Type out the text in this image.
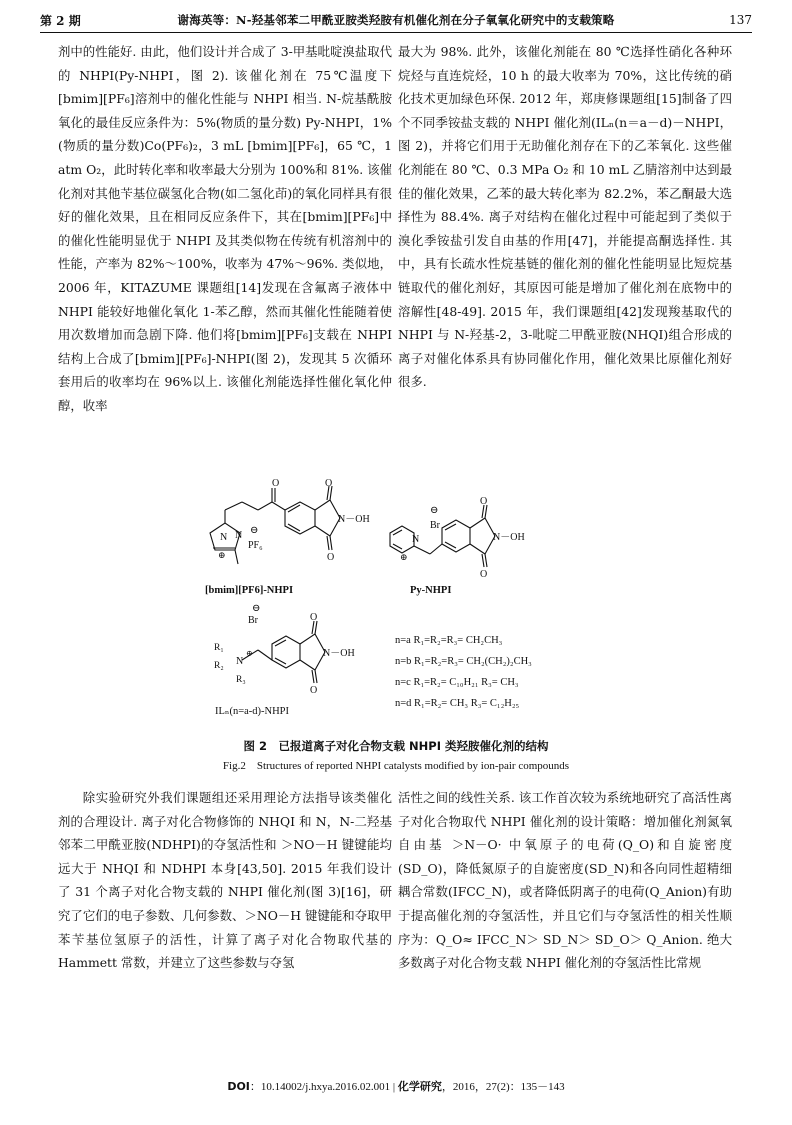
第 2 期	谢海英等：N-羟基邻苯二甲酰亚胺类羟胺有机催化剂在分子氧氧化研究中的支载策略	137

剂中的性能好. 由此，他们设计并合成了 3-甲基吡啶溴盐取代的 NHPI(Py-NHPI，图 2). 该催化剂在 75℃温度下[bmim][PF₆]溶剂中的催化性能与 NHPI 相当. N-烷基酰胺氧化的最佳反应条件为：5%(物质的量分数) Py-NHPI，1%(物质的量分数)Co(PF₆)₂，3 mL [bmim][PF₆]，65 ℃，1 atm O₂，此时转化率和收率最大分别为 100%和 81%. 该催化剂对其他苄基位碳氢化合物(如二氢化茚)的氧化同样具有很好的催化效果，且在相同反应条件下，其在[bmim][PF₆]中的催化性能明显优于 NHPI 及其类似物在传统有机溶剂中的性能，产率为 82%～100%，收率为 47%～96%. 类似地，2006 年，KITAZUME 课题组[14]发现在含氟离子液体中 NHPI 能较好地催化氧化 1-苯乙醇，然而其催化性能随着使用次数增加而急剧下降. 他们将[bmim][PF₆]支载在 NHPI 结构上合成了[bmim][PF₆]-NHPI(图 2)，发现其 5 次循环套用后的收率均在 96%以上. 该催化剂能选择性催化氧化仲醇，收率

最大为 98%. 此外，该催化剂能在 80 ℃选择性硝化各种环烷烃与直连烷烃，10 h 的最大收率为 70%，这比传统的硝化技术更加绿色环保. 2012 年，郑庚修课题组[15]制备了四个不同季铵盐支载的 NHPI 催化剂(ILₙ(n＝a－d)－NHPI，图 2)，并将它们用于无助催化剂存在下的乙苯氧化. 这些催化剂能在 80 ℃、0.3 MPa O₂ 和 10 mL 乙腈溶剂中达到最佳的催化效果，乙苯的最大转化率为 82.2%，苯乙酮最大选择性为 88.4%. 离子对结构在催化过程中可能起到了类似于溴化季铵盐引发自由基的作用[47]，并能提高酮选择性. 其中，具有长疏水性烷基链的催化剂的催化性能明显比短烷基链取代的催化剂好，其原因可能是增加了催化剂在底物中的溶解性[48-49]. 2015 年，我们课题组[42]发现羧基取代的 NHPI 与 N-羟基-2，3-吡啶二甲酰亚胺(NHQI)组合形成的离子对催化体系具有协同催化作用，催化效果比原催化剂好很多.

N N
⊕
O	O
O
N－OH
⊖
PF₆
[bmim][PF6]-NHPI
N
⊕
⊖
Br
O
O
N－OH
Py-NHPI
N
⊕
R₁
R₂
R₃
Br
⊖
O
O
N－OH
ILₙ(n=a-d)-NHPI
n=a R₁=R₂=R₃= CH₂CH₃
n=b R₁=R₂=R₃= CH₂(CH₂)₂CH₃
n=c R₁=R₂= C₁₀H₂₁ R₃= CH₃
n=d R₁=R₂= CH₃ R₃= C₁₂H₂₅
图 2　已报道离子对化合物支载 NHPI 类羟胺催化剂的结构
Fig.2　Structures of reported NHPI catalysts modified by ion-pair compounds

除实验研究外我们课题组还采用理论方法指导该类催化剂的合理设计. 离子对化合物修饰的 NHQI 和 N，N-二羟基邻苯二甲酰亚胺(NDHPI)的夺氢活性和 ＞NO－H 键键能均远大于 NHQI 和 NDHPI 本身[43,50]. 2015 年我们设计了 31 个离子对化合物支载的 NHPI 催化剂(图 3)[16]，研究了它们的电子参数、几何参数、＞NO－H 键键能和夺取甲苯苄基位氢原子的活性，计算了离子对化合物取代基的 Hammett 常数，并建立了这些参数与夺氢

活性之间的线性关系. 该工作首次较为系统地研究了高活性离子对化合物取代 NHPI 催化剂的设计策略：增加催化剂氮氧自由基 ＞N－O· 中氧原子的电荷(Q_O)和自旋密度(SD_O)，降低氮原子的自旋密度(SD_N)和各向同性超精细耦合常数(IFCC_N)，或者降低阴离子的电荷(Q_Anion)有助于提高催化剂的夺氢活性，并且它们与夺氢活性的相关性顺序为：Q_O≈ IFCC_N＞ SD_N＞ SD_O＞ Q_Anion. 绝大多数离子对化合物支载 NHPI 催化剂的夺氢活性比常规

DOI：10.14002/j.hxya.2016.02.001 | 化学研究，2016，27(2)：135－143
